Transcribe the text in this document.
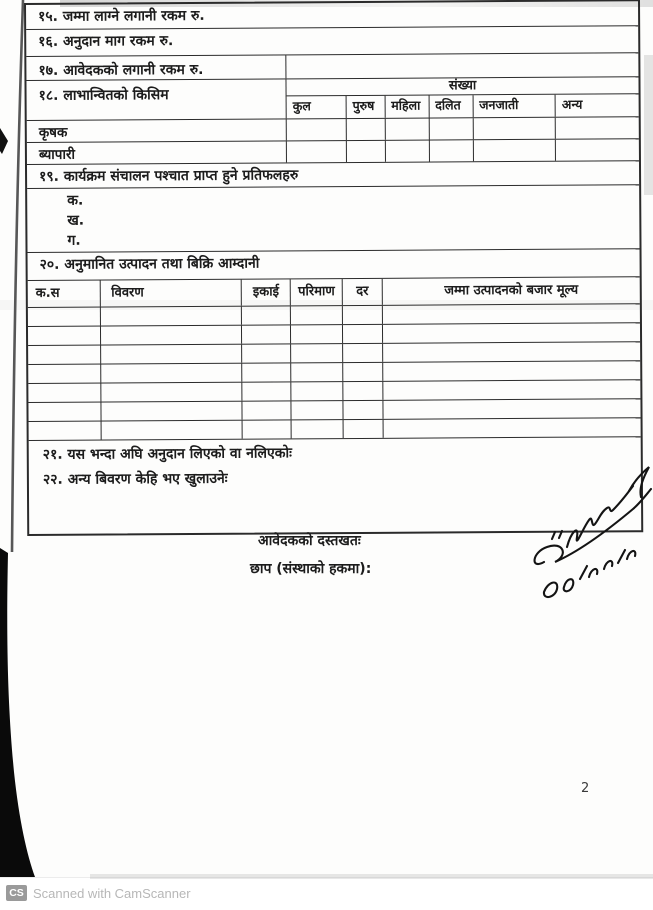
१५. जम्मा लाग्ने लगानी रकम रु.
१६. अनुदान माग रकम रु.
१७. आवेदकको लगानी रकम रु.
१८. लाभान्वितको किसिम
संख्या
कुल	पुरुष	महिला	दलित	जनजाती	अन्य
कृषक
ब्यापारी
१९. कार्यक्रम संचालन पश्चात प्राप्त हुने प्रतिफलहरु
क.
ख.
ग.
२०. अनुमानित उत्पादन तथा बिक्रि आम्दानी
क.स	विवरण	इकाई	परिमाण	दर	जम्मा उत्पादनको बजार मूल्य
२१. यस भन्दा अघि अनुदान लिएको वा नलिएकोः
२२. अन्य बिवरण केहि भए खुलाउनेः
आवेदकको दस्तखतः
छाप (संस्थाको हकमा):
2
CS Scanned with CamScanner
